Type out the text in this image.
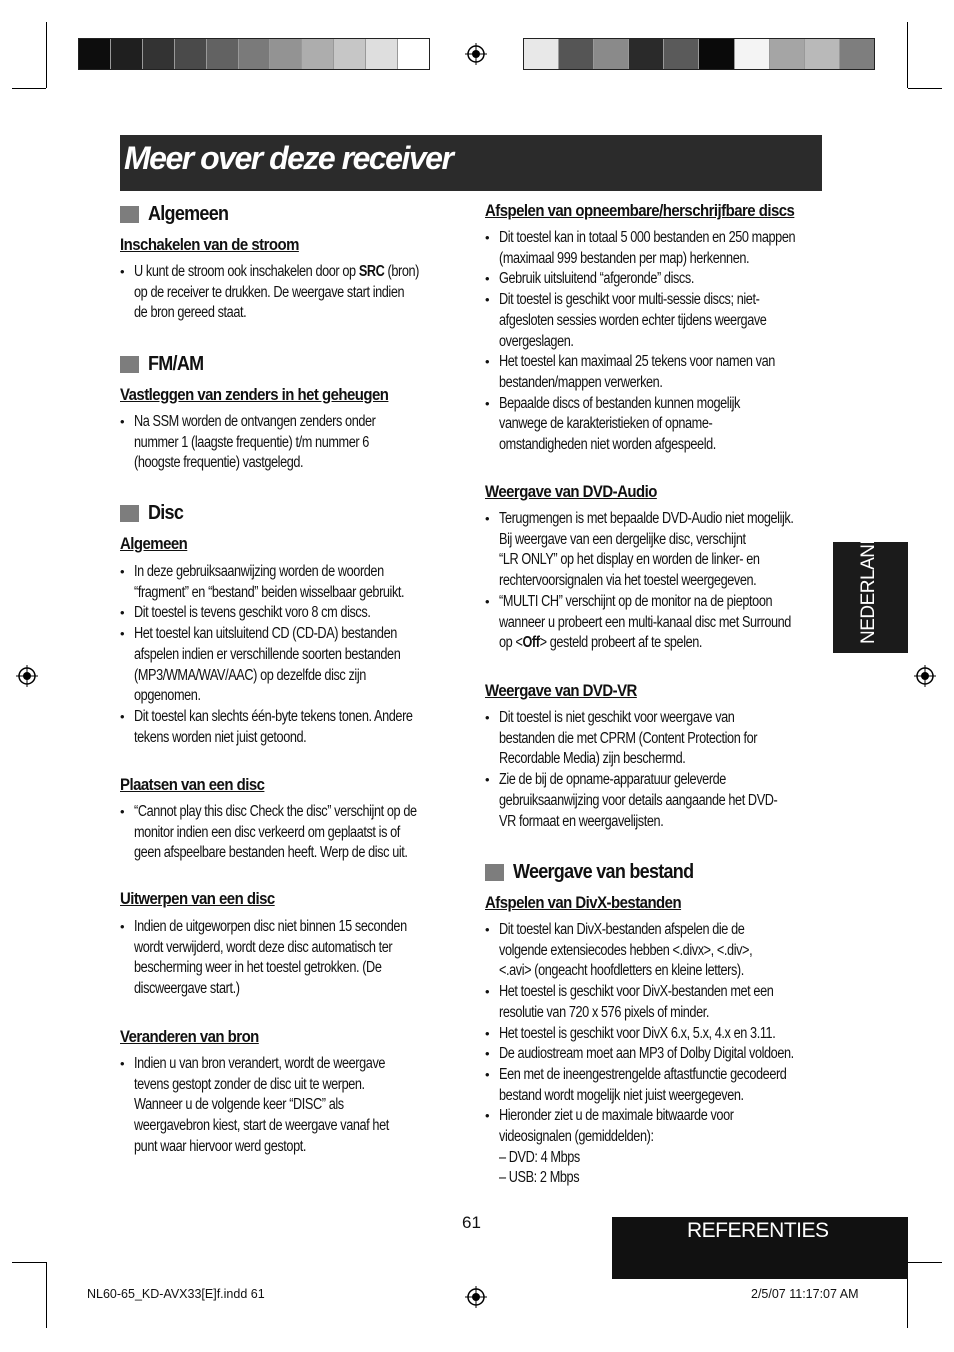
Meer over deze receiver
Algemeen
Inschakelen van de stroom
• U kunt de stroom ook inschakelen door op SRC (bron)
op de receiver te drukken. De weergave start indien
de bron gereed staat.
FM/AM
Vastleggen van zenders in het geheugen
• Na SSM worden de ontvangen zenders onder
nummer 1 (laagste frequentie) t/m nummer 6
(hoogste frequentie) vastgelegd.
Disc
Algemeen
• In deze gebruiksaanwijzing worden de woorden
“fragment” en “bestand” beiden wisselbaar gebruikt.
• Dit toestel is tevens geschikt voro 8 cm discs.
• Het toestel kan uitsluitend CD (CD-DA) bestanden
afspelen indien er verschillende soorten bestanden
(MP3/WMA/WAV/AAC) op dezelfde disc zijn
opgenomen.
• Dit toestel kan slechts één-byte tekens tonen. Andere
tekens worden niet juist getoond.
Plaatsen van een disc
• “Cannot play this disc Check the disc” verschijnt op de
monitor indien een disc verkeerd om geplaatst is of
geen afspeelbare bestanden heeft. Werp de disc uit.
Uitwerpen van een disc
• Indien de uitgeworpen disc niet binnen 15 seconden
wordt verwijderd, wordt deze disc automatisch ter
bescherming weer in het toestel getrokken. (De
discweergave start.)
Veranderen van bron
• Indien u van bron verandert, wordt de weergave
tevens gestopt zonder de disc uit te werpen.
Wanneer u de volgende keer “DISC” als
weergavebron kiest, start de weergave vanaf het
punt waar hiervoor werd gestopt.
Afspelen van opneembare/herschrijfbare discs
• Dit toestel kan in totaal 5 000 bestanden en 250 mappen
(maximaal 999 bestanden per map) herkennen.
• Gebruik uitsluitend “afgeronde” discs.
• Dit toestel is geschikt voor multi-sessie discs; niet-
afgesloten sessies worden echter tijdens weergave
overgeslagen.
• Het toestel kan maximaal 25 tekens voor namen van
bestanden/mappen verwerken.
• Bepaalde discs of bestanden kunnen mogelijk
vanwege de karakteristieken of opname-
omstandigheden niet worden afgespeeld.
Weergave van DVD-Audio
• Terugmengen is met bepaalde DVD-Audio niet mogelijk.
Bij weergave van een dergelijke disc, verschijnt
“LR ONLY” op het display en worden de linker- en
rechtervoorsignalen via het toestel weergegeven.
• “MULTI CH” verschijnt op de monitor na de pieptoon
wanneer u probeert een multi-kanaal disc met Surround
op <Off> gesteld probeert af te spelen.
Weergave van DVD-VR
• Dit toestel is niet geschikt voor weergave van
bestanden die met CPRM (Content Protection for
Recordable Media) zijn beschermd.
• Zie de bij de opname-apparatuur geleverde
gebruiksaanwijzing voor details aangaande het DVD-
VR formaat en weergavelijsten.
Weergave van bestand
Afspelen van DivX-bestanden
• Dit toestel kan DivX-bestanden afspelen die de
volgende extensiecodes hebben <.divx>, <.div>,
<.avi> (ongeacht hoofdletters en kleine letters).
• Het toestel is geschikt voor DivX-bestanden met een
resolutie van 720 x 576 pixels of minder.
• Het toestel is geschikt voor DivX 6.x, 5.x, 4.x en 3.11.
• De audiostream moet aan MP3 of Dolby Digital voldoen.
• Een met de ineengestrengelde aftastfunctie gecodeerd
bestand wordt mogelijk niet juist weergegeven.
• Hieronder ziet u de maximale bitwaarde voor
videosignalen (gemiddelden):
– DVD: 4 Mbps
– USB: 2 Mbps
NEDERLANDS
REFERENTIES
61
NL60-65_KD-AVX33[E]f.indd 61	2/5/07 11:17:07 AM
